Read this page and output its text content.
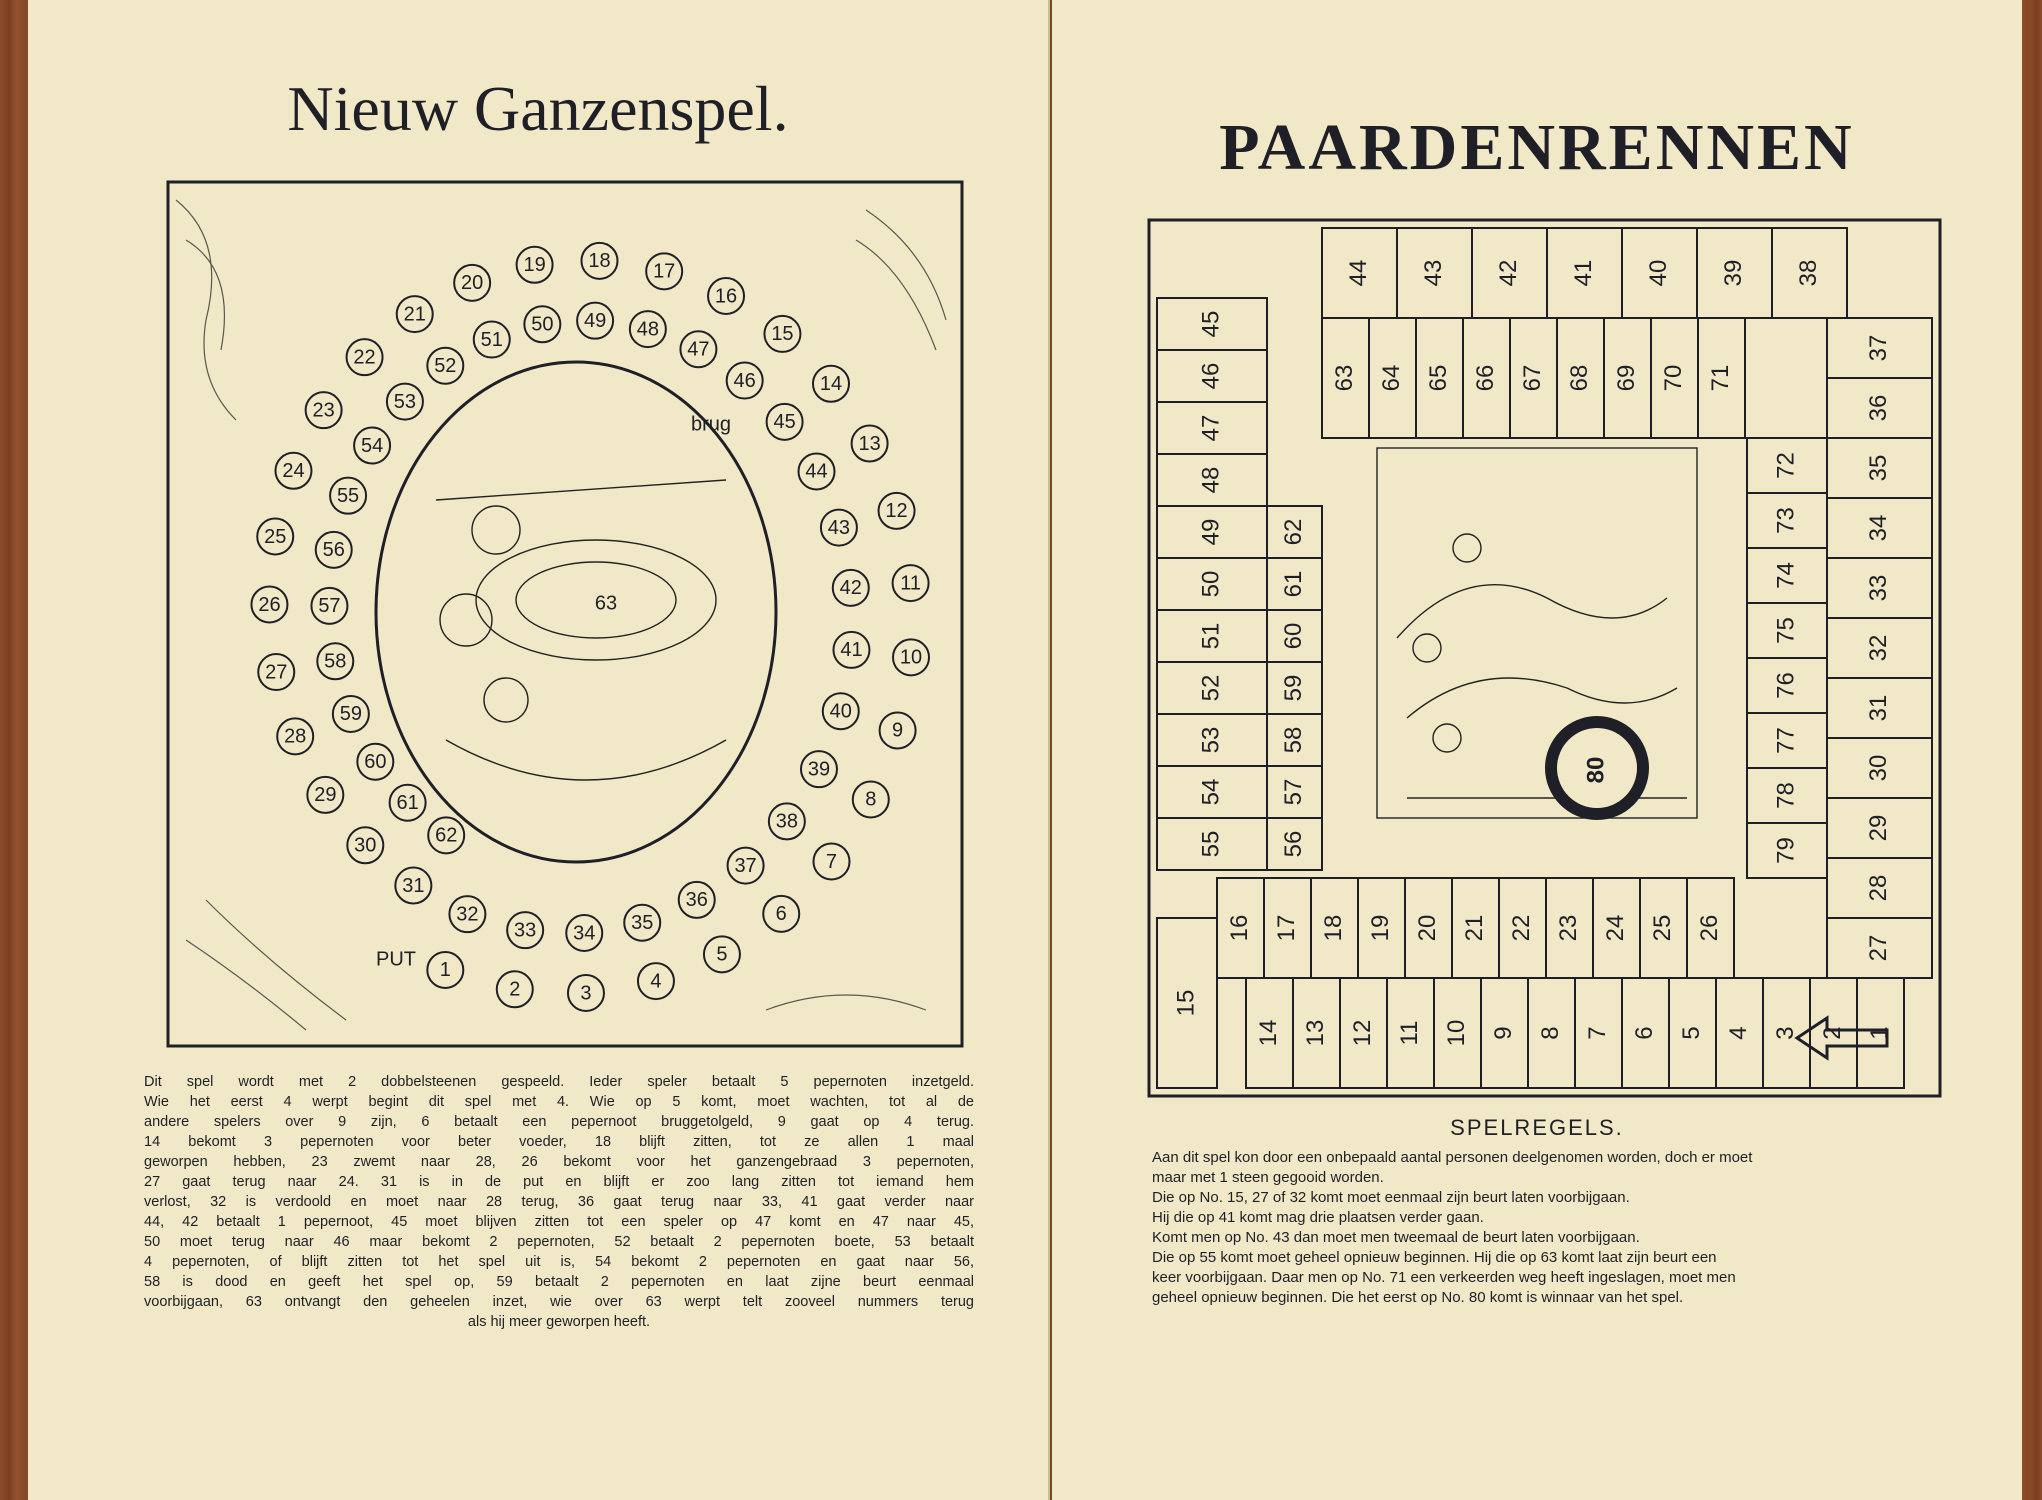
Nieuw Ganzenspel.
1
2	3
4
5
6
7
8
9
10
11
12
13
14
15
16
17
18
19
20
21
22
23
24
25
26
27
28
29
30
31
32
33 34 35
36
37
38
39
40
41
42
43
44
45
46
47
48
49
50
51
52
53
54
55
56
57
58
59
60
61
62
63
PUT
brug
Dit spel wordt met 2 dobbelsteenen gespeeld. Ieder speler betaalt 5 pepernoten inzetgeld.
Wie het eerst 4 werpt begint dit spel met 4. Wie op 5 komt, moet wachten, tot al de
andere spelers over 9 zijn, 6 betaalt een pepernoot bruggetolgeld, 9 gaat op 4 terug.
14 bekomt 3 pepernoten voor beter voeder, 18 blijft zitten, tot ze allen 1 maal
geworpen hebben, 23 zwemt naar 28, 26 bekomt voor het ganzengebraad 3 pepernoten,
27 gaat terug naar 24. 31 is in de put en blijft er zoo lang zitten tot iemand hem
verlost, 32 is verdoold en moet naar 28 terug, 36 gaat terug naar 33, 41 gaat verder naar
44, 42 betaalt 1 pepernoot, 45 moet blijven zitten tot een speler op 47 komt en 47 naar 45,
50 moet terug naar 46 maar bekomt 2 pepernoten, 52 betaalt 2 pepernoten boete, 53 betaalt
4 pepernoten, of blijft zitten tot het spel uit is, 54 bekomt 2 pepernoten en gaat naar 56,
58 is dood en geeft het spel op, 59 betaalt 2 pepernoten en laat zijne beurt eenmaal
voorbijgaan, 63 ontvangt den geheelen inzet, wie over 63 werpt telt zooveel nummers terug
als hij meer geworpen heeft.
PAARDENRENNEN
1
2
3
4
5
6
7
8
9
10
11
12
13
14
15
16 17 18 19 20 21 22 23 24 25 26
55
54
53
52
51
50
49
48
47
46
45
56
57
58
59
60
61
62
44 43 42 41 40 39 38
63 64 65 66 67 68 69 70 71
37
36
35
34
33
32
31
30
29
28
27
72
73
74
75
76
77
78
79
80
SPELREGELS.
Aan dit spel kon door een onbepaald aantal personen deelgenomen worden, doch er moet
maar met 1 steen gegooid worden.
Die op No. 15, 27 of 32 komt moet eenmaal zijn beurt laten voorbijgaan.
Hij die op 41 komt mag drie plaatsen verder gaan.
Komt men op No. 43 dan moet men tweemaal de beurt laten voorbijgaan.
Die op 55 komt moet geheel opnieuw beginnen. Hij die op 63 komt laat zijn beurt een
keer voorbijgaan. Daar men op No. 71 een verkeerden weg heeft ingeslagen, moet men
geheel opnieuw beginnen. Die het eerst op No. 80 komt is winnaar van het spel.
